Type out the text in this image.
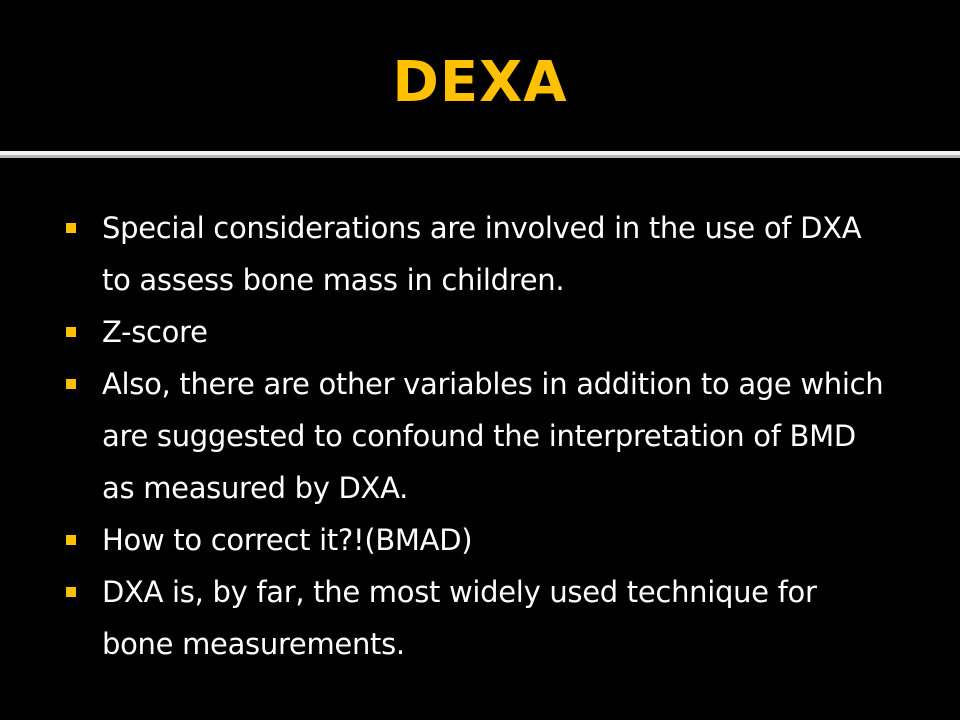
DEXA
Special considerations are involved in the use of DXA to assess bone mass in children.
Z-score
Also, there are other variables in addition to age which are suggested to confound the interpretation of BMD as measured by DXA.
How to correct it?!(BMAD)
DXA is, by far, the most widely used technique for bone measurements.
